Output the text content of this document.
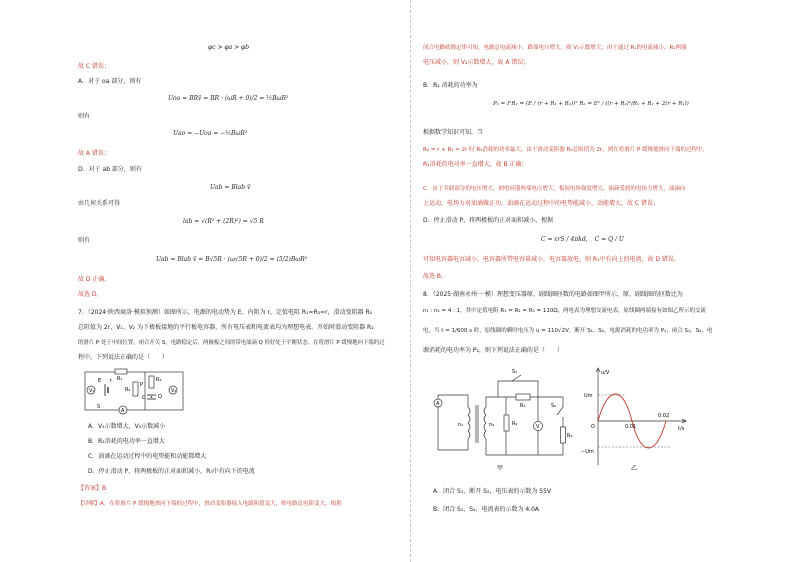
φc > φa > φb
故 C 错误；
A．对于 oa 部分，则有
Uoa = BRv̄ = BR · (ωR + 0)/2 = ½BωR²
则有
Uao = −Uoa = −½BωR²
故 A 错误；
D．对于 ab 部分，则有
Uab = Blab v̄
由几何关系可得
lab = √(R² + (2R)²) = √5 R
则有
Uab = Blab v̄ = B√5R · (ω√5R + 0)/2 = (5/2)BωR²
故 D 正确。
故选 D。
7．（2024·陕西商洛·模拟预测）如图所示，电源的电动势为 E、内阻为 r，定值电阻 R₁=R₃=r，滑动变阻器 R₂
总阻值为 2r，V₁、V₂ 为下极板接地的平行板电容器，所有电压表和电流表均为理想电表。开始时滑动变阻器 R₂
的滑片 P 处于中间位置，闭合开关 S，电路稳定后，两极板之间的带电油滴 Q 恰好处于平衡状态。在将滑片 P 缓慢地向下端的过
程中，下列说法正确的是（　　）
V₁
E r R₁
R₂
P
A
R₃
C	Q
V₂
S
A．V₁示数增大，V₂示数减小
B．R₂消耗的电功率一直增大
C．油滴在运动过程中的电势能和动能都增大
D．停止滑动 P，将两极板的正对面积减小，R₃中有向下的电流
【答案】B
【详解】A．在将滑片 P 缓慢地滑向下端的过程中，滑动变阻器接入电路阻值变大，则电路总电阻变大，根据
闭合电路欧姆定律可知，电路总电流减小，路端电压增大，则 V₁示数增大；由于通过 R₁的电流减小，R₁两端
电压减小，则 V₂示数增大，故 A 错误；
B．R₂ 消耗的功率为
P₂ = I²R₂ = (E / (r + R₁ + R₂))² R₂ = E² / ((r + R₁)²/R₂ + R₂ + 2(r + R₁))
根据数学知识可知，当
R₂ = r + R₁ = 2r 时 R₂消耗的功率最大，由于滑动变阻器 R₂总阻值为 2r，则在将滑片 P 缓慢地滑向下端的过程中，
R₂消耗的电功率一直增大，故 B 正确；
C．由于并联部分的电压增大，则电容器两端电压增大，板间电场强度增大，油滴受到的电场力增大，油滴向
上运动，电场力对油滴做正功，油滴在运动过程中的电势能减小，动能增大，故 C 错误；
D．停止滑动 P，将两极板的正对面积减小，根据
C = εrS / 4πkd，　C = Q / U
可知电容器电容减小，电容器所带电容量减小，电容器放电，则 R₃中有向上的电流，故 D 错误。
故选 B。
8．（2025·湖南永州·一模）理想变压器原、副线圈匝数的电路如图甲所示，原、副线圈的匝数比为
n₁ : n₂ = 4 : 1，其中定值电阻 R₁ = R₂ = R₃ = 110Ω，两电表为理想交流电表，原线圈两端接有如图乙所示的交流
电，当 t = 1/600 s 时，原线圈的瞬时电压为 u = 110√2V。断开 S₁、S₂，电源消耗的电功率为 P₁；闭合 S₁、S₂，电
源消耗的电功率为 P₂，则下列说法正确的是（　　）
A
n₁	n₂	R₂
S₁
R₁
V
S₂
R₃
甲
u/V
t/s
O
Um
−Um
0.01
0.02
乙
A．闭合 S₁，断开 S₂，电压表的示数为 55V
B．闭合 S₁、S₂，电流表的示数为 4.0A
